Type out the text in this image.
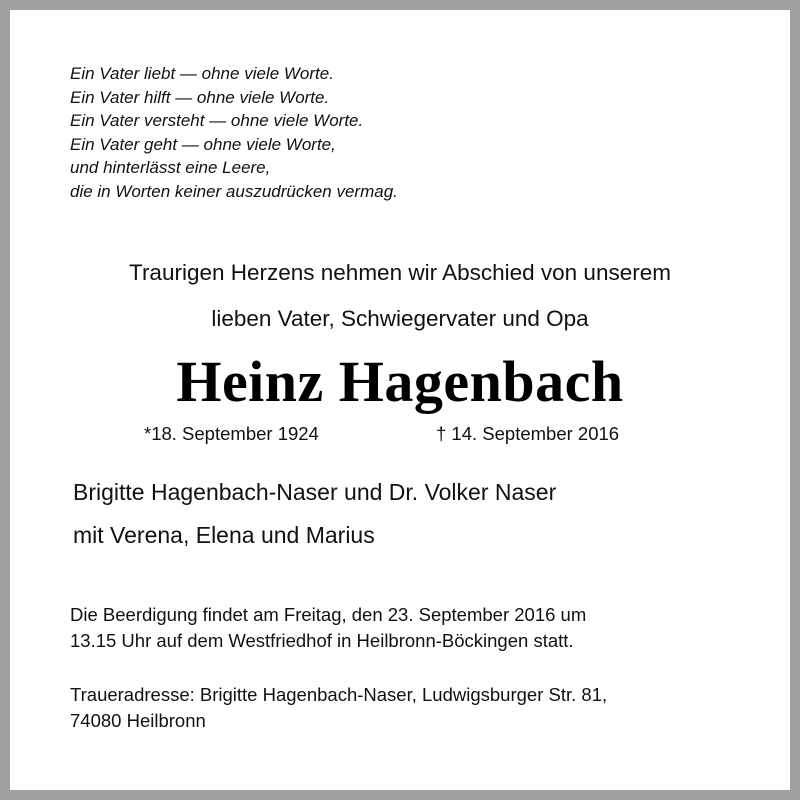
Ein Vater liebt — ohne viele Worte.
Ein Vater hilft — ohne viele Worte.
Ein Vater versteht — ohne viele Worte.
Ein Vater geht — ohne viele Worte,
und hinterlässt eine Leere,
die in Worten keiner auszudrücken vermag.
Traurigen Herzens nehmen wir Abschied von unserem
lieben Vater, Schwiegervater und Opa
Heinz Hagenbach
*18. September 1924	† 14. September 2016
Brigitte Hagenbach-Naser und Dr. Volker Naser
mit Verena, Elena und Marius
Die Beerdigung findet am Freitag, den 23. September 2016 um
13.15 Uhr auf dem Westfriedhof in Heilbronn-Böckingen statt.
Traueradresse: Brigitte Hagenbach-Naser, Ludwigsburger Str. 81,
74080 Heilbronn
